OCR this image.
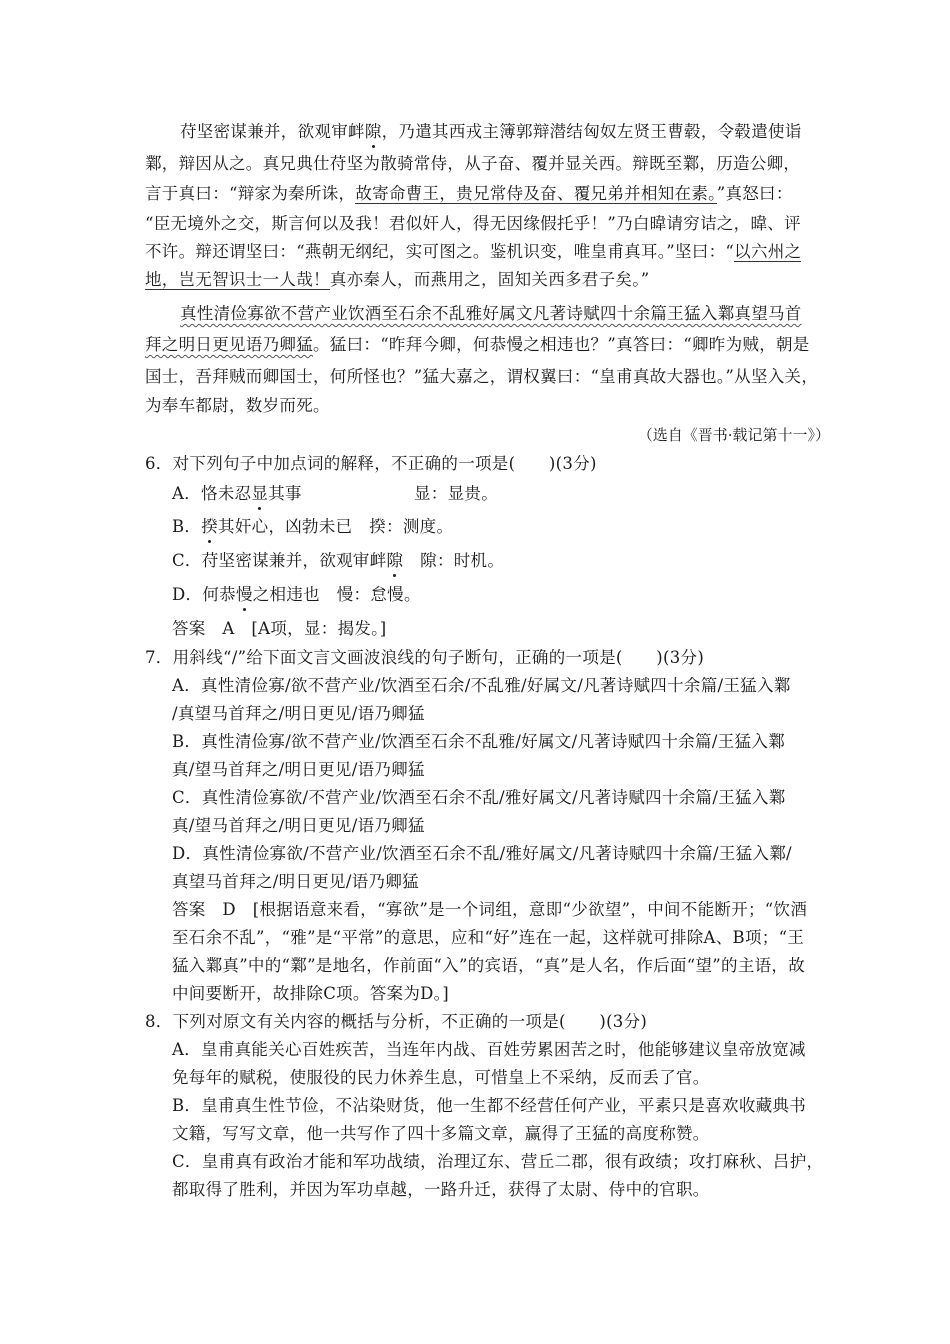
苻坚密谋兼并，欲观审衅隙，乃遣其西戎主簿郭辩潜结匈奴左贤王曹毂，令毂遣使诣
鄴，辩因从之。真兄典仕苻坚为散骑常侍，从子奋、覆并显关西。辩既至鄴，历造公卿，
言于真曰：“辩家为秦所诛，故寄命曹王，贵兄常侍及奋、覆兄弟并相知在素。”真怒曰：
“臣无境外之交，斯言何以及我！君似奸人，得无因缘假托乎！”乃白暐请穷诘之，暐、评
不许。辩还谓坚曰：“燕朝无纲纪，实可图之。鉴机识变，唯皇甫真耳。”坚曰：“以六州之
地，岂无智识士一人哉！真亦秦人，而燕用之，固知关西多君子矣。”
真性清俭寡欲不营产业饮酒至石余不乱雅好属文凡著诗赋四十余篇王猛入鄴真望马首
拜之明日更见语乃卿猛。猛曰：“昨拜今卿，何恭慢之相违也？”真答曰：“卿昨为贼，朝是
国士，吾拜贼而卿国士，何所怪也？”猛大嘉之，谓权翼曰：“皇甫真故大器也。”从坚入关，
为奉车都尉，数岁而死。
（选自《晋书·载记第十一》）
6．对下列句子中加点词的解释，不正确的一项是(　　)(3分)
A．恪未忍显其事	显：显贵。
B．揆其奸心，凶勃未已　揆：测度。
C．苻坚密谋兼并，欲观审衅隙　隙：时机。
D．何恭慢之相违也　慢：怠慢。
答案　A　[A项，显：揭发。]
7．用斜线“/”给下面文言文画波浪线的句子断句，正确的一项是(　　)(3分)
A．真性清俭寡/欲不营产业/饮酒至石余/不乱雅/好属文/凡著诗赋四十余篇/王猛入鄴
/真望马首拜之/明日更见/语乃卿猛
B．真性清俭寡/欲不营产业/饮酒至石余不乱雅/好属文/凡著诗赋四十余篇/王猛入鄴
真/望马首拜之/明日更见/语乃卿猛
C．真性清俭寡欲/不营产业/饮酒至石余不乱/雅好属文/凡著诗赋四十余篇/王猛入鄴
真/望马首拜之/明日更见/语乃卿猛
D．真性清俭寡欲/不营产业/饮酒至石余不乱/雅好属文/凡著诗赋四十余篇/王猛入鄴/
真望马首拜之/明日更见/语乃卿猛
答案　D　[根据语意来看，“寡欲”是一个词组，意即“少欲望”，中间不能断开；“饮酒
至石余不乱”，“雅”是“平常”的意思，应和“好”连在一起，这样就可排除A、B项；“王
猛入鄴真”中的“鄴”是地名，作前面“入”的宾语，“真”是人名，作后面“望”的主语，故
中间要断开，故排除C项。答案为D。]
8．下列对原文有关内容的概括与分析，不正确的一项是(　　)(3分)
A．皇甫真能关心百姓疾苦，当连年内战、百姓劳累困苦之时，他能够建议皇帝放宽减
免每年的赋税，使服役的民力休养生息，可惜皇上不采纳，反而丢了官。
B．皇甫真生性节俭，不沾染财货，他一生都不经营任何产业，平素只是喜欢收藏典书
文籍，写写文章，他一共写作了四十多篇文章，赢得了王猛的高度称赞。
C．皇甫真有政治才能和军功战绩，治理辽东、营丘二郡，很有政绩；攻打麻秋、吕护，
都取得了胜利，并因为军功卓越，一路升迁，获得了太尉、侍中的官职。
